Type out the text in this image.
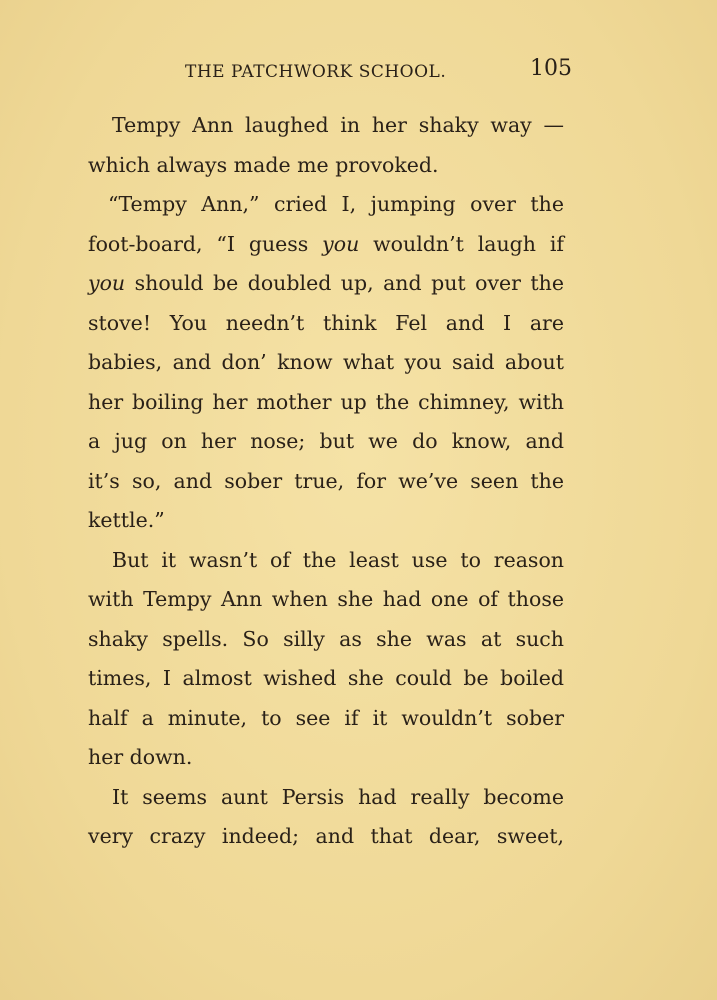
THE PATCHWORK SCHOOL.	105
Tempy Ann laughed in her shaky way —
which always made me provoked.
“Tempy Ann,” cried I, jumping over the
foot-board, “I guess you wouldn’t laugh if
you should be doubled up, and put over the
stove! You needn’t think Fel and I are
babies, and don’ know what you said about
her boiling her mother up the chimney, with
a jug on her nose; but we do know, and
it’s so, and sober true, for we’ve seen the
kettle.”
But it wasn’t of the least use to reason
with Tempy Ann when she had one of those
shaky spells. So silly as she was at such
times, I almost wished she could be boiled
half a minute, to see if it wouldn’t sober
her down.
It seems aunt Persis had really become
very crazy indeed; and that dear, sweet,
